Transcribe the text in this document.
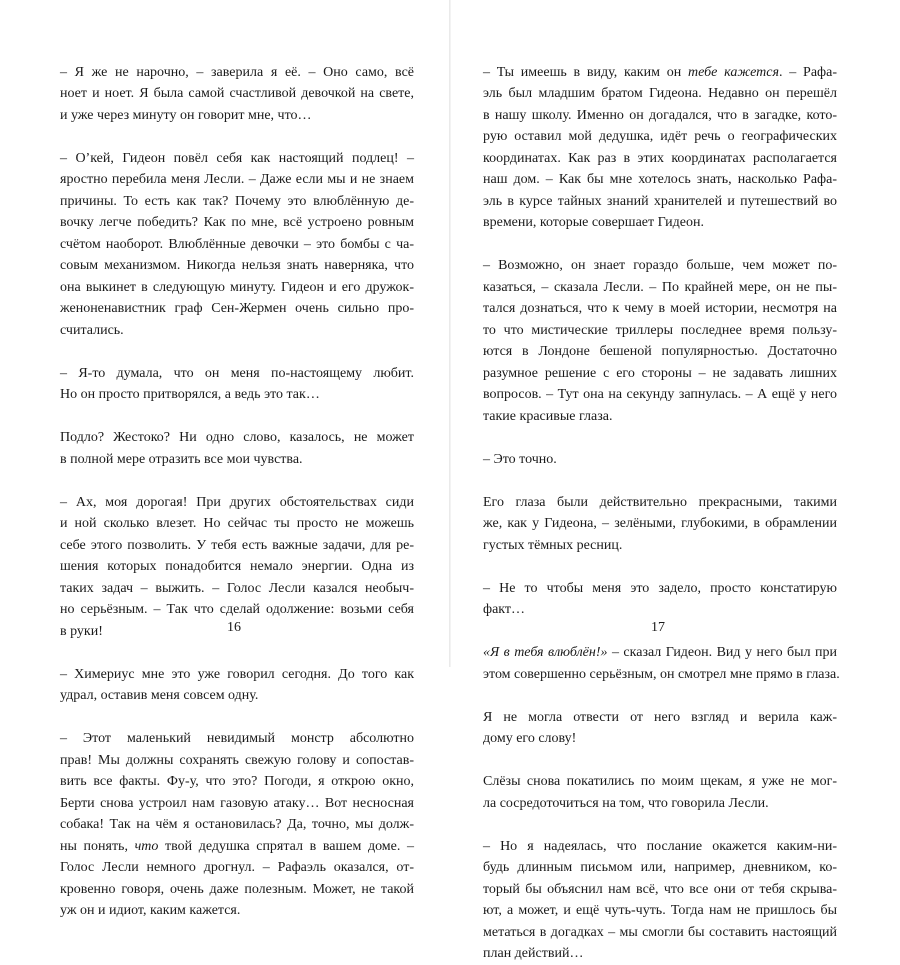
– Я же не нарочно, – заверила я её. – Оно само, всё
ноет и ноет. Я была самой счастливой девочкой на свете,
и уже через минуту он говорит мне, что…

– О’кей, Гидеон повёл себя как настоящий подлец! –
яростно перебила меня Лесли. – Даже если мы и не знаем
причины. То есть как так? Почему это влюблённую де-
вочку легче победить? Как по мне, всё устроено ровным
счётом наоборот. Влюблённые девочки – это бомбы с ча-
совым механизмом. Никогда нельзя знать наверняка, что
она выкинет в следующую минуту. Гидеон и его дружок-
женоненавистник граф Сен-Жермен очень сильно про-
считались.

– Я-то думала, что он меня по-настоящему любит.
Но он просто притворялся, а ведь это так…

Подло? Жестоко? Ни одно слово, казалось, не может
в полной мере отразить все мои чувства.

– Ах, моя дорогая! При других обстоятельствах сиди
и ной сколько влезет. Но сейчас ты просто не можешь
себе этого позволить. У тебя есть важные задачи, для ре-
шения которых понадобится немало энергии. Одна из
таких задач – выжить. – Голос Лесли казался необыч-
но серьёзным. – Так что сделай одолжение: возьми себя
в руки!

– Химериус мне это уже говорил сегодня. До того как
удрал, оставив меня совсем одну.

– Этот маленький невидимый монстр абсолютно
прав! Мы должны сохранять свежую голову и сопостав-
вить все факты. Фу-у, что это? Погоди, я открою окно,
Берти снова устроил нам газовую атаку… Вот несносная
собака! Так на чём я остановилась? Да, точно, мы долж-
ны понять, что твой дедушка спрятал в вашем доме. –
Голос Лесли немного дрогнул. – Рафаэль оказался, от-
кровенно говоря, очень даже полезным. Может, не такой
уж он и идиот, каким кажется.

16

– Ты имеешь в виду, каким он тебе кажется. – Рафа-
эль был младшим братом Гидеона. Недавно он перешёл
в нашу школу. Именно он догадался, что в загадке, кото-
рую оставил мой дедушка, идёт речь о географических
координатах. Как раз в этих координатах располагается
наш дом. – Как бы мне хотелось знать, насколько Рафа-
эль в курсе тайных знаний хранителей и путешествий во
времени, которые совершает Гидеон.

– Возможно, он знает гораздо больше, чем может по-
казаться, – сказала Лесли. – По крайней мере, он не пы-
тался дознаться, что к чему в моей истории, несмотря на
то что мистические триллеры последнее время пользу-
ются в Лондоне бешеной популярностью. Достаточно
разумное решение с его стороны – не задавать лишних
вопросов. – Тут она на секунду запнулась. – А ещё у него
такие красивые глаза.

– Это точно.

Его глаза были действительно прекрасными, такими
же, как у Гидеона, – зелёными, глубокими, в обрамлении
густых тёмных ресниц.

– Не то чтобы меня это задело, просто констатирую
факт…

«Я в тебя влюблён!» – сказал Гидеон. Вид у него был при
этом совершенно серьёзным, он смотрел мне прямо в глаза.

Я не могла отвести от него взгляд и верила каж-
дому его слову!

Слёзы снова покатились по моим щекам, я уже не мог-
ла сосредоточиться на том, что говорила Лесли.

– Но я надеялась, что послание окажется каким-ни-
будь длинным письмом или, например, дневником, ко-
торый бы объяснил нам всё, что все они от тебя скрыва-
ют, а может, и ещё чуть-чуть. Тогда нам не пришлось бы
метаться в догадках – мы смогли бы составить настоящий
план действий…

17
